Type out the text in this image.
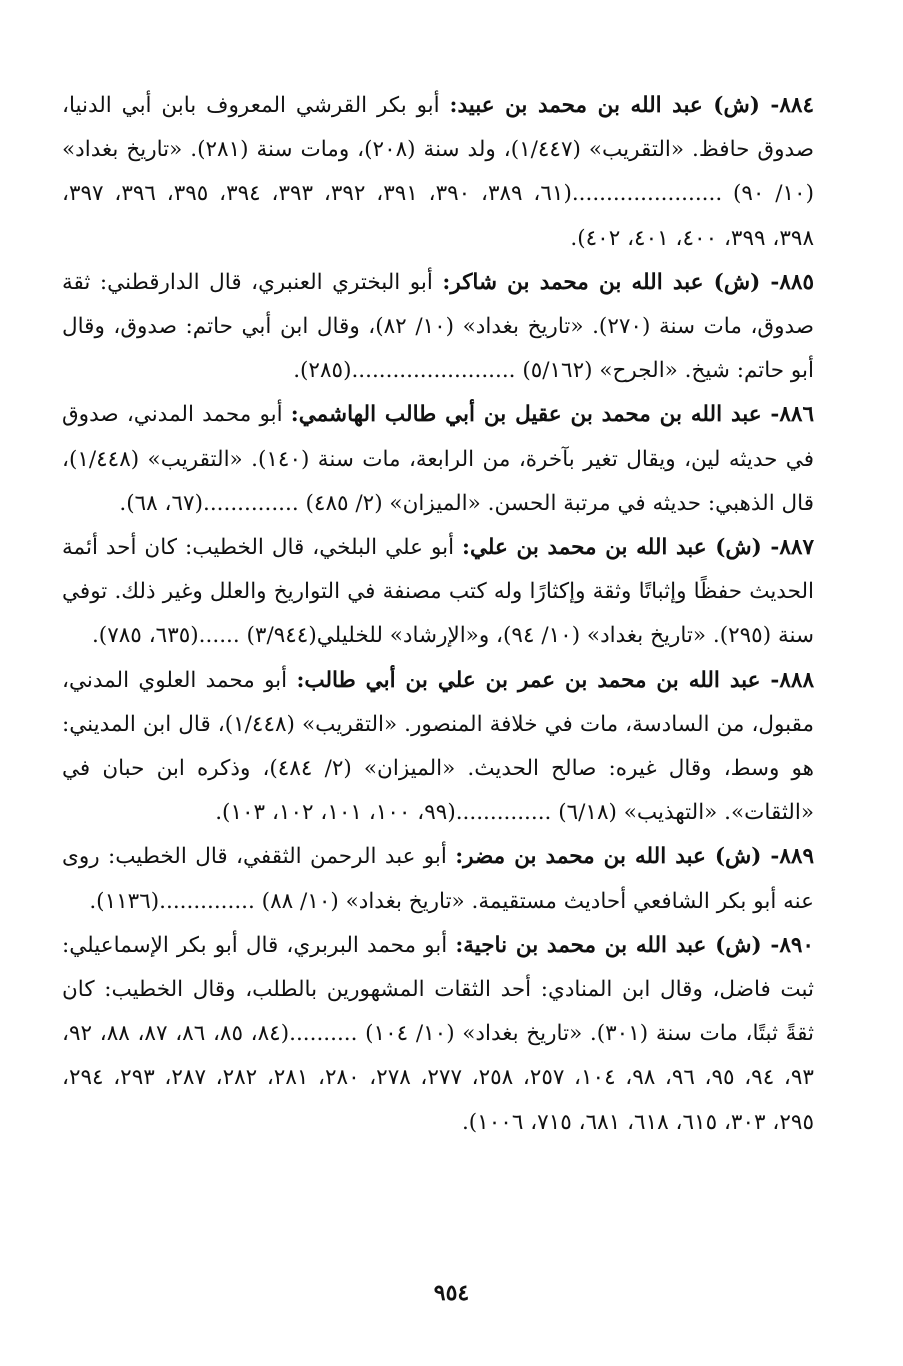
٨٨٤- (ش) عبد الله بن محمد بن عبيد: أبو بكر القرشي المعروف بابن أبي الدنيا، صدوق حافظ. «التقريب» (١/٤٤٧)، ولد سنة (٢٠٨)، ومات سنة (٢٨١). «تاريخ بغداد» (١٠/ ٩٠) ......................(٦١، ٣٨٩، ٣٩٠، ٣٩١، ٣٩٢، ٣٩٣، ٣٩٤، ٣٩٥، ٣٩٦، ٣٩٧، ٣٩٨، ٣٩٩، ٤٠٠، ٤٠١، ٤٠٢).

٨٨٥- (ش) عبد الله بن محمد بن شاكر: أبو البختري العنبري، قال الدارقطني: ثقة صدوق، مات سنة (٢٧٠). «تاريخ بغداد» (١٠/ ٨٢)، وقال ابن أبي حاتم: صدوق، وقال أبو حاتم: شيخ. «الجرح» (٥/١٦٢) ........................(٢٨٥).

٨٨٦- عبد الله بن محمد بن عقيل بن أبي طالب الهاشمي: أبو محمد المدني، صدوق في حديثه لين، ويقال تغير بآخرة، من الرابعة، مات سنة (١٤٠). «التقريب» (١/٤٤٨)، قال الذهبي: حديثه في مرتبة الحسن. «الميزان» (٢/ ٤٨٥) ..............(٦٧، ٦٨).

٨٨٧- (ش) عبد الله بن محمد بن علي: أبو علي البلخي، قال الخطيب: كان أحد أئمة الحديث حفظًا وإثباتًا وثقة وإكثارًا وله كتب مصنفة في التواريخ والعلل وغير ذلك. توفي سنة (٢٩٥). «تاريخ بغداد» (١٠/ ٩٤)، و«الإرشاد» للخليلي(٣/٩٤٤) ......(٦٣٥، ٧٨٥).

٨٨٨- عبد الله بن محمد بن عمر بن علي بن أبي طالب: أبو محمد العلوي المدني، مقبول، من السادسة، مات في خلافة المنصور. «التقريب» (١/٤٤٨)، قال ابن المديني: هو وسط، وقال غيره: صالح الحديث. «الميزان» (٢/ ٤٨٤)، وذكره ابن حبان في «الثقات». «التهذيب» (٦/١٨) ..............(٩٩، ١٠٠، ١٠١، ١٠٢، ١٠٣).

٨٨٩- (ش) عبد الله بن محمد بن مضر: أبو عبد الرحمن الثقفي، قال الخطيب: روى عنه أبو بكر الشافعي أحاديث مستقيمة. «تاريخ بغداد» (١٠/ ٨٨) ..............(١١٣٦).

٨٩٠- (ش) عبد الله بن محمد بن ناجية: أبو محمد البربري، قال أبو بكر الإسماعيلي: ثبت فاضل، وقال ابن المنادي: أحد الثقات المشهورين بالطلب، وقال الخطيب: كان ثقةً ثبتًا، مات سنة (٣٠١). «تاريخ بغداد» (١٠/ ١٠٤) ..........(٨٤، ٨٥، ٨٦، ٨٧، ٨٨، ٩٢، ٩٣، ٩٤، ٩٥، ٩٦، ٩٨، ١٠٤، ٢٥٧، ٢٥٨، ٢٧٧، ٢٧٨، ٢٨٠، ٢٨١، ٢٨٢، ٢٨٧، ٢٩٣، ٢٩٤، ٢٩٥، ٣٠٣، ٦١٥، ٦١٨، ٦٨١، ٧١٥، ١٠٠٦).

٩٥٤
